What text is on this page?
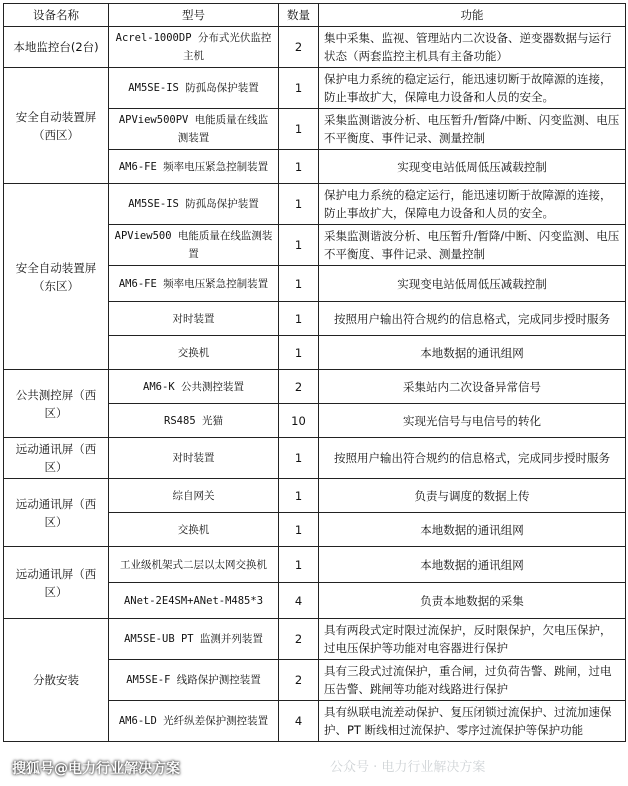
设备名称	型号	数量	功能
本地监控台(2台)	Acrel-1000DP 分布式光伏监控主机	2	集中采集、监视、管理站内二次设备、逆变器数据与运行状态（两套监控主机具有主备功能）
安全自动装置屏（西区）	AM5SE-IS 防孤岛保护装置	1	保护电力系统的稳定运行，能迅速切断于故障源的连接，防止事故扩大，保障电力设备和人员的安全。
	APView500PV 电能质量在线监测装置	1	采集监测谐波分析、电压暂升/暂降/中断、闪变监测、电压不平衡度、事件记录、测量控制
	AM6-FE 频率电压紧急控制装置	1	实现变电站低周低压减载控制
安全自动装置屏（东区）	AM5SE-IS 防孤岛保护装置	1	保护电力系统的稳定运行，能迅速切断于故障源的连接，防止事故扩大，保障电力设备和人员的安全。
	APView500 电能质量在线监测装置	1	采集监测谐波分析、电压暂升/暂降/中断、闪变监测、电压不平衡度、事件记录、测量控制
	AM6-FE 频率电压紧急控制装置	1	实现变电站低周低压减载控制
	对时装置	1	按照用户输出符合规约的信息格式，完成同步授时服务
	交换机	1	本地数据的通讯组网
公共测控屏（西区）	AM6-K 公共测控装置	2	采集站内二次设备异常信号
	RS485 光猫	10	实现光信号与电信号的转化
远动通讯屏（西区）	对时装置	1	按照用户输出符合规约的信息格式，完成同步授时服务
远动通讯屏（西区）	综自网关	1	负责与调度的数据上传
	交换机	1	本地数据的通讯组网
远动通讯屏（西区）	工业级机架式二层以太网交换机	1	本地数据的通讯组网
	ANet-2E4SM+ANet-M485*3	4	负责本地数据的采集
分散安装	AM5SE-UB PT 监测并列装置	2	具有两段式定时限过流保护，反时限保护，欠电压保护，过电压保护等功能对电容器进行保护
	AM5SE-F 线路保护测控装置	2	具有三段式过流保护，重合闸，过负荷告警、跳闸，过电压告警、跳闸等功能对线路进行保护
	AM6-LD 光纤纵差保护测控装置	4	具有纵联电流差动保护、复压闭锁过流保护、过流加速保护、PT 断线相过流保护、零序过流保护等保护功能
公众号 · 电力行业解决方案
搜狐号@电力行业解决方案
